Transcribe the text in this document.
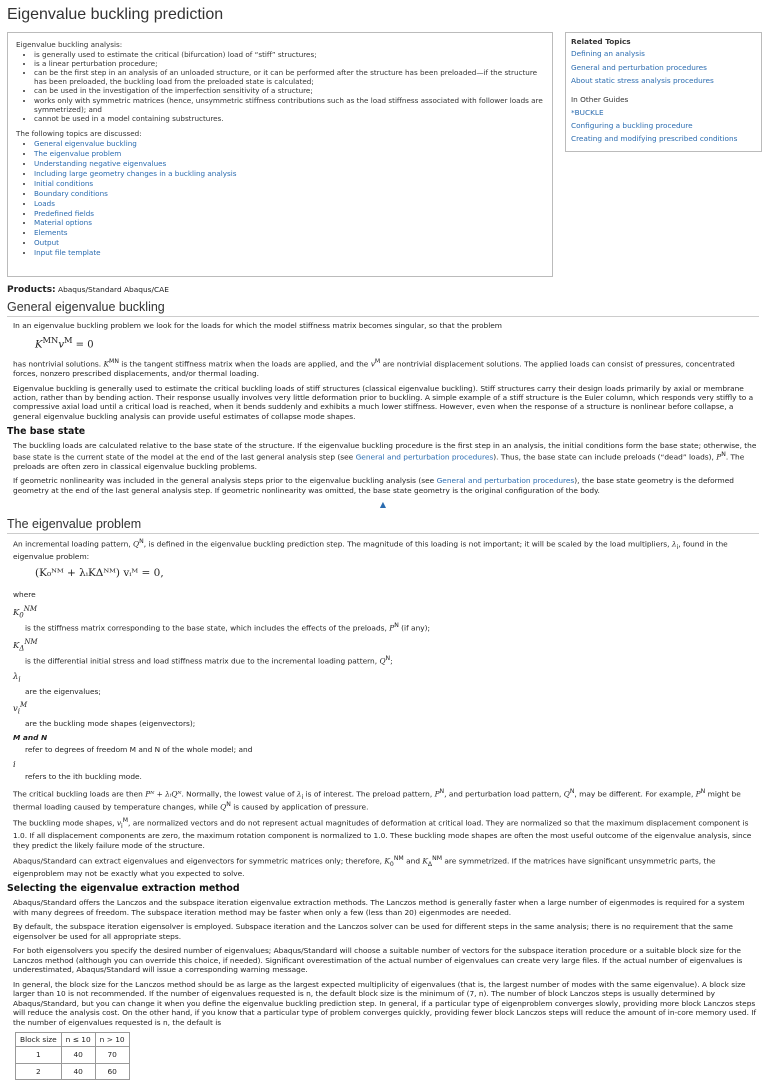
Eigenvalue buckling prediction

Eigenvalue buckling analysis:

• is generally used to estimate the critical (bifurcation) load of “stiff” structures;
• is a linear perturbation procedure;
• can be the first step in an analysis of an unloaded structure, or it can be performed after the structure has been preloaded—if the structure has been preloaded, the buckling load from the preloaded state is calculated;
• can be used in the investigation of the imperfection sensitivity of a structure;
• works only with symmetric matrices (hence, unsymmetric stiffness contributions such as the load stiffness associated with follower loads are symmetrized); and
• cannot be used in a model containing substructures.

The following topics are discussed:

• General eigenvalue buckling
• The eigenvalue problem
• Understanding negative eigenvalues
• Including large geometry changes in a buckling analysis
• Initial conditions
• Boundary conditions
• Loads
• Predefined fields
• Material options
• Elements
• Output
• Input file template
Related Topics
Defining an analysis
General and perturbation procedures
About static stress analysis procedures
In Other Guides
*BUCKLE
Configuring a buckling procedure
Creating and modifying prescribed conditions
Products: Abaqus/Standard Abaqus/CAE
General eigenvalue buckling

In an eigenvalue buckling problem we look for the loads for which the model stiffness matrix becomes singular, so that the problem

$K^{MN}v^M = 0$

has nontrivial solutions. $K^{MN}$ is the tangent stiffness matrix when the loads are applied, and the $v^M$ are nontrivial displacement solutions. The applied loads can consist of pressures, concentrated forces, nonzero prescribed displacements, and/or thermal loading.

Eigenvalue buckling is generally used to estimate the critical buckling loads of stiff structures (classical eigenvalue buckling). Stiff structures carry their design loads primarily by axial or membrane action, rather than by bending action. Their response usually involves very little deformation prior to buckling. A simple example of a stiff structure is the Euler column, which responds very stiffly to a compressive axial load until a critical load is reached, when it bends suddenly and exhibits a much lower stiffness. However, even when the response of a structure is nonlinear before collapse, a general eigenvalue buckling analysis can provide useful estimates of collapse mode shapes.

The base state

The buckling loads are calculated relative to the base state of the structure. If the eigenvalue buckling procedure is the first step in an analysis, the initial conditions form the base state; otherwise, the base state is the current state of the model at the end of the last general analysis step (see General and perturbation procedures). Thus, the base state can include preloads (“dead” loads), $P^N$. The preloads are often zero in classical eigenvalue buckling problems.

If geometric nonlinearity was included in the general analysis steps prior to the eigenvalue buckling analysis (see General and perturbation procedures), the base state geometry is the deformed geometry at the end of the last general analysis step. If geometric nonlinearity was omitted, the base state geometry is the original configuration of the body.

▲
The eigenvalue problem

An incremental loading pattern, $Q^N$, is defined in the eigenvalue buckling prediction step. The magnitude of this loading is not important; it will be scaled by the load multipliers, $\lambda_i$, found in the eigenvalue problem:

(K₀ᴺᴹ + λᵢKΔᴺᴹ) vᵢᴹ = 0,
where
$K_0^{NM}$
is the stiffness matrix corresponding to the base state, which includes the effects of the preloads, $P^N$ (if any);
$K_\Delta^{NM}$
is the differential initial stress and load stiffness matrix due to the incremental loading pattern, $Q^N$;
$\lambda_i$
are the eigenvalues;
$v_i^M$
are the buckling mode shapes (eigenvectors);
M and N
refer to degrees of freedom M and N of the whole model; and
i
refers to the ith buckling mode.

The critical buckling loads are then Pᴺ + λᵢQᴺ. Normally, the lowest value of $\lambda_i$ is of interest. The preload pattern, $P^N$, and perturbation load pattern, $Q^N$, may be different. For example, $P^N$ might be thermal loading caused by temperature changes, while $Q^N$ is caused by application of pressure.

The buckling mode shapes, $v_i^M$, are normalized vectors and do not represent actual magnitudes of deformation at critical load. They are normalized so that the maximum displacement component is 1.0. If all displacement components are zero, the maximum rotation component is normalized to 1.0. These buckling mode shapes are often the most useful outcome of the eigenvalue analysis, since they predict the likely failure mode of the structure.

Abaqus/Standard can extract eigenvalues and eigenvectors for symmetric matrices only; therefore, $K_0^{NM}$ and $K_\Delta^{NM}$ are symmetrized. If the matrices have significant unsymmetric parts, the eigenproblem may not be exactly what you expected to solve.

Selecting the eigenvalue extraction method

Abaqus/Standard offers the Lanczos and the subspace iteration eigenvalue extraction methods. The Lanczos method is generally faster when a large number of eigenmodes is required for a system with many degrees of freedom. The subspace iteration method may be faster when only a few (less than 20) eigenmodes are needed.

By default, the subspace iteration eigensolver is employed. Subspace iteration and the Lanczos solver can be used for different steps in the same analysis; there is no requirement that the same eigensolver be used for all appropriate steps.

For both eigensolvers you specify the desired number of eigenvalues; Abaqus/Standard will choose a suitable number of vectors for the subspace iteration procedure or a suitable block size for the Lanczos method (although you can override this choice, if needed). Significant overestimation of the actual number of eigenvalues can create very large files. If the actual number of eigenvalues is underestimated, Abaqus/Standard will issue a corresponding warning message.

In general, the block size for the Lanczos method should be as large as the largest expected multiplicity of eigenvalues (that is, the largest number of modes with the same eigenvalue). A block size larger than 10 is not recommended. If the number of eigenvalues requested is n, the default block size is the minimum of (7, n). The number of block Lanczos steps is usually determined by Abaqus/Standard, but you can change it when you define the eigenvalue buckling prediction step. In general, if a particular type of eigenproblem converges slowly, providing more block Lanczos steps will reduce the analysis cost. On the other hand, if you know that a particular type of problem converges quickly, providing fewer block Lanczos steps will reduce the amount of in-core memory used. If the number of eigenvalues requested is n, the default is

Block size	n ≤ 10	n > 10
1	40	70
2	40	60
